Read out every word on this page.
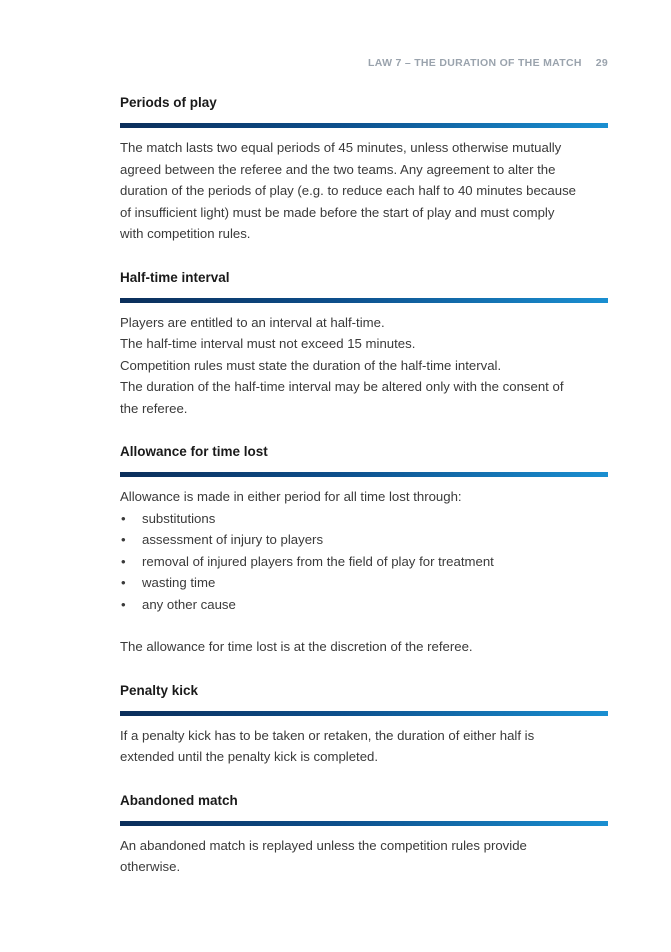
LAW 7 – THE DURATION OF THE MATCH 29
Periods of play

The match lasts two equal periods of 45 minutes, unless otherwise mutually
agreed between the referee and the two teams. Any agreement to alter the
duration of the periods of play (e.g. to reduce each half to 40 minutes because
of insufficient light) must be made before the start of play and must comply
with competition rules.

Half-time interval

Players are entitled to an interval at half-time.
The half-time interval must not exceed 15 minutes.
Competition rules must state the duration of the half-time interval.
The duration of the half-time interval may be altered only with the consent of
the referee.

Allowance for time lost

Allowance is made in either period for all time lost through:

• substitutions
• assessment of injury to players
• removal of injured players from the field of play for treatment
• wasting time
• any other cause

The allowance for time lost is at the discretion of the referee.

Penalty kick

If a penalty kick has to be taken or retaken, the duration of either half is
extended until the penalty kick is completed.

Abandoned match

An abandoned match is replayed unless the competition rules provide
otherwise.
